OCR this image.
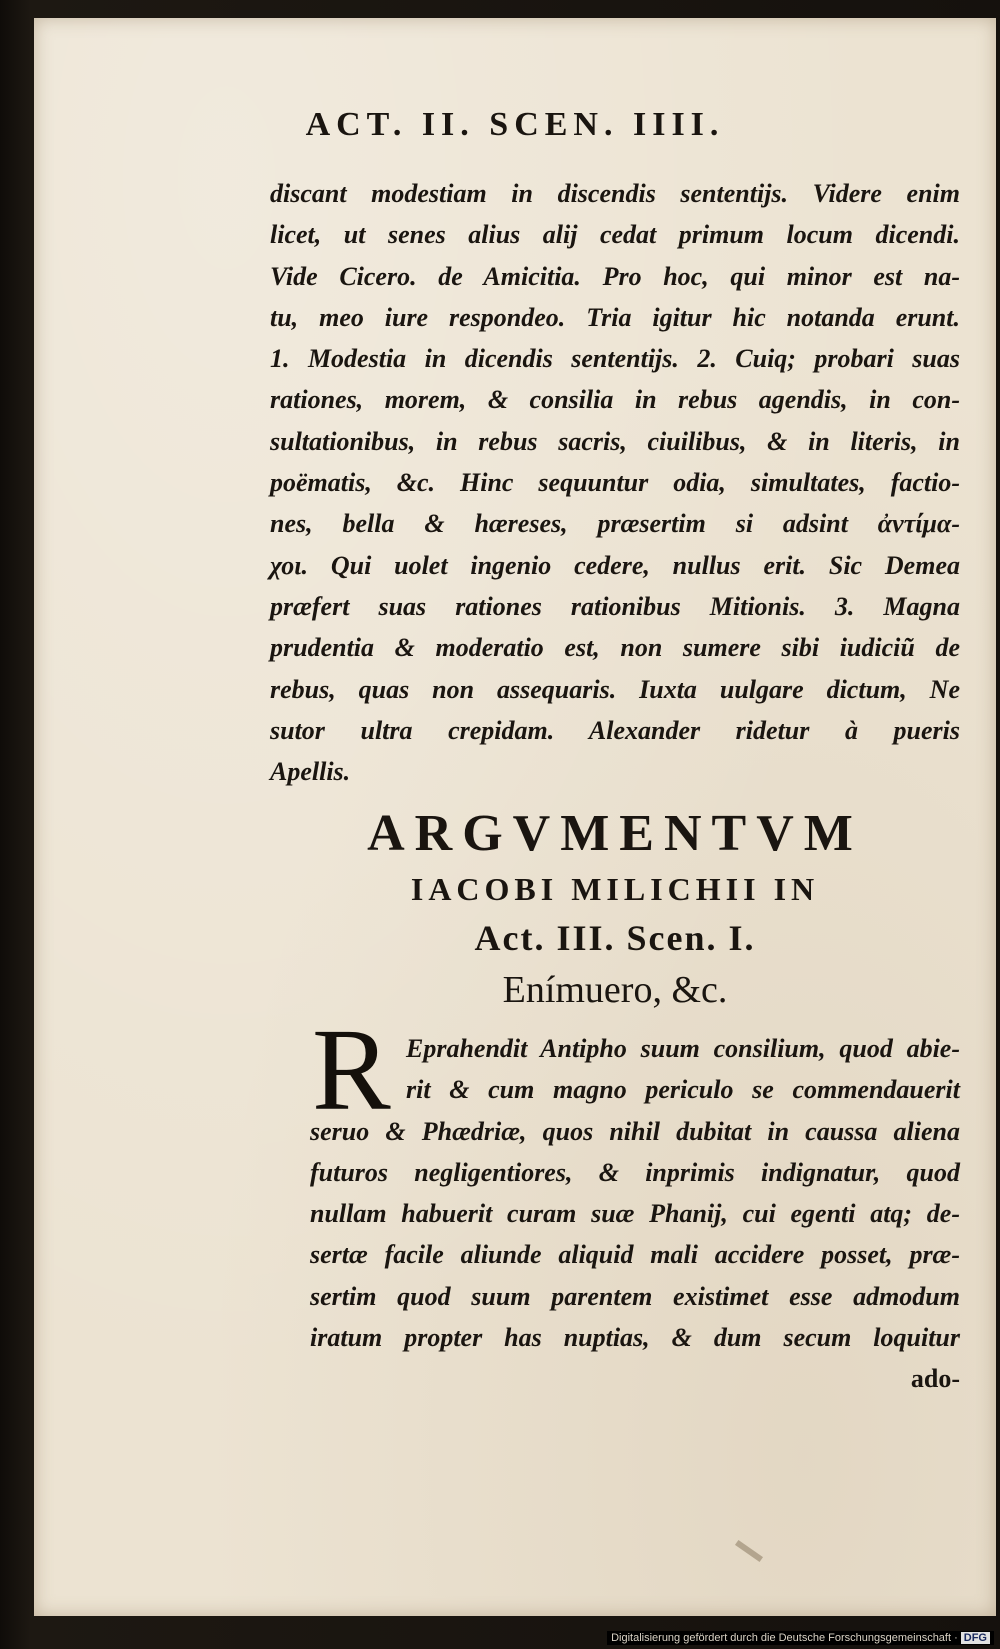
ACT. II. SCEN. IIII.
discant modestiam in discendis sententijs. Videre enim
licet, ut senes alius alij cedat primum locum dicendi.
Vide Cicero. de Amicitia. Pro hoc, qui minor est na-
tu, meo iure respondeo. Tria igitur hic notanda erunt.
1. Modestia in dicendis sententijs. 2. Cuiq; probari suas
rationes, morem, & consilia in rebus agendis, in con-
sultationibus, in rebus sacris, ciuilibus, & in literis, in
poëmatis, &c. Hinc sequuntur odia, simultates, factio-
nes, bella & hæreses, præsertim si adsint ἀντίμα-
χοι. Qui uolet ingenio cedere, nullus erit. Sic Demea
præfert suas rationes rationibus Mitionis. 3. Magna
prudentia & moderatio est, non sumere sibi iudiciũ de
rebus, quas non assequaris. Iuxta uulgare dictum, Ne
sutor ultra crepidam. Alexander ridetur à pueris
Apellis.
ARGVMENTVM
IACOBI MILICHII IN
Act. III. Scen. I.
Enímuero, &c.
R Eprahendit Antipho suum consilium, quod abie-
rit & cum magno periculo se commendauerit
seruo & Phædriæ, quos nihil dubitat in caussa aliena
futuros negligentiores, & inprimis indignatur, quod
nullam habuerit curam suæ Phanij, cui egenti atq; de-
sertæ facile aliunde aliquid mali accidere posset, præ-
sertim quod suum parentem existimet esse admodum
iratum propter has nuptias, & dum secum loquitur
ado-
Digitalisierung gefördert durch die Deutsche Forschungsgemeinschaft · DFG
